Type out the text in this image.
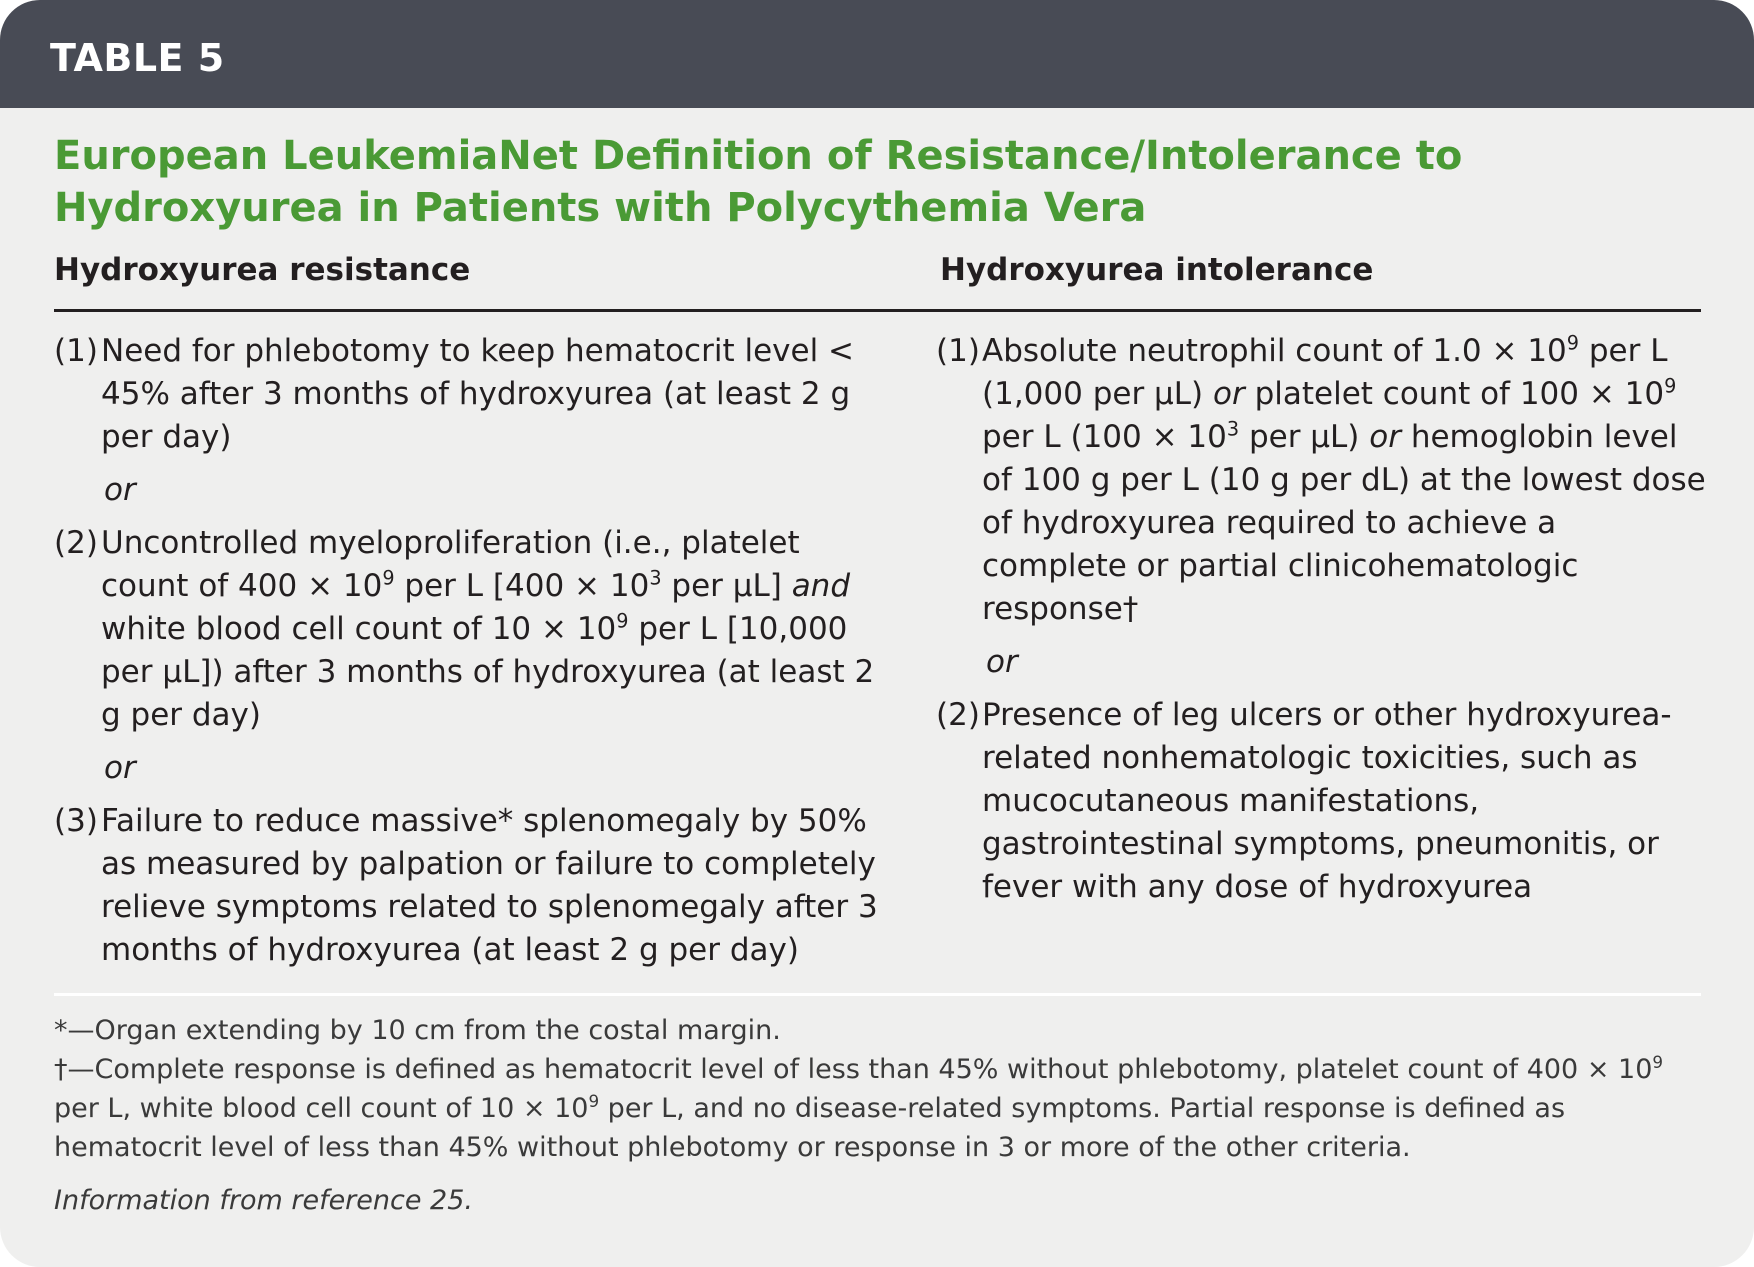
TABLE 5
European LeukemiaNet Definition of Resistance/Intolerance to Hydroxyurea in Patients with Polycythemia Vera
Hydroxyurea resistance	Hydroxyurea intolerance
(1) Need for phlebotomy to keep hematocrit level < 45% after 3 months of hydroxyurea (at least 2 g per day)
or
(2) Uncontrolled myeloproliferation (i.e., platelet count of $400 \times 10^9$ per L [$400 \times 10^3$ per µL] and white blood cell count of $10 \times 10^9$ per L [10,000 per µL]) after 3 months of hydroxyurea (at least 2 g per day)
or
(3) Failure to reduce massive* splenomegaly by 50% as measured by palpation or failure to completely relieve symptoms related to splenomegaly after 3 months of hydroxyurea (at least 2 g per day)
(1) Absolute neutrophil count of $1.0 \times 10^9$ per L (1,000 per µL) or platelet count of $100 \times 10^9$ per L ($100 \times 10^3$ per µL) or hemoglobin level of 100 g per L (10 g per dL) at the lowest dose of hydroxyurea required to achieve a complete or partial clinicohematologic response†
or
(2) Presence of leg ulcers or other hydroxyurea-related nonhematologic toxicities, such as mucocutaneous manifestations, gastrointestinal symptoms, pneumonitis, or fever with any dose of hydroxyurea

*—Organ extending by 10 cm from the costal margin.

†—Complete response is defined as hematocrit level of less than 45% without phlebotomy, platelet count of $400 \times 10^9$ per L, white blood cell count of $10 \times 10^9$ per L, and no disease-related symptoms. Partial response is defined as hematocrit level of less than 45% without phlebotomy or response in 3 or more of the other criteria.

Information from reference 25.
